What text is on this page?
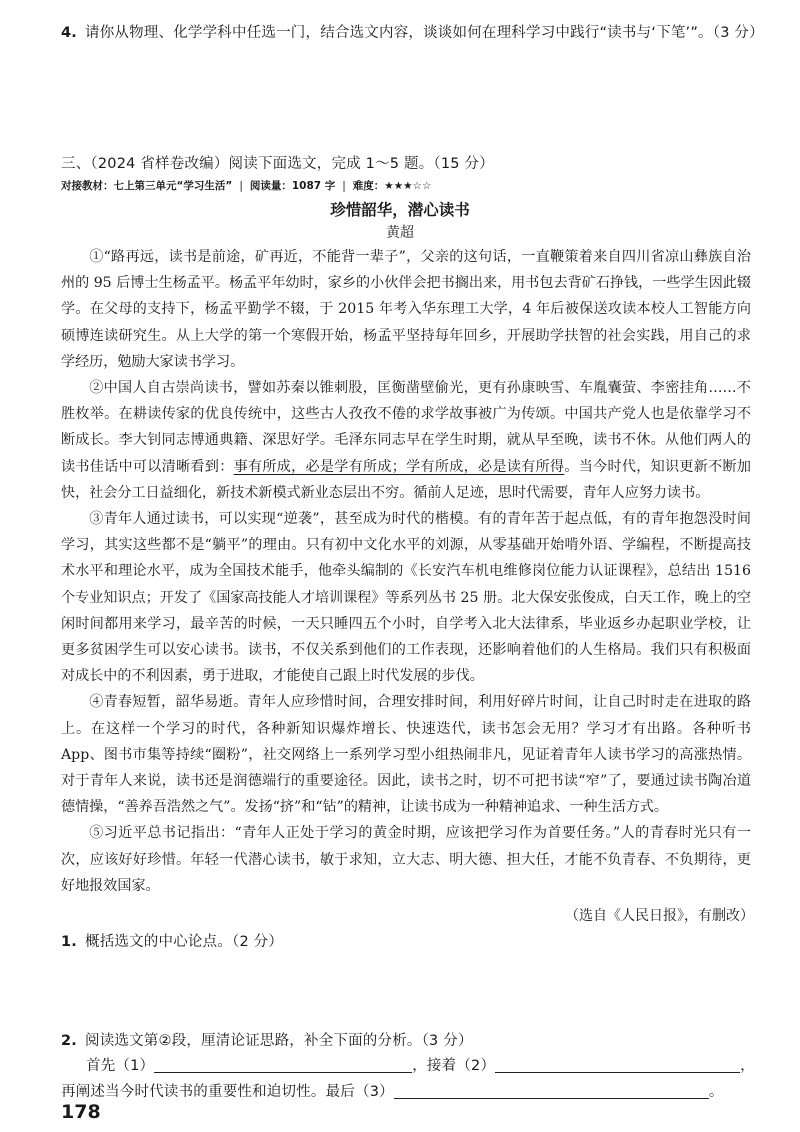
4. 请你从物理、化学学科中任选一门，结合选文内容，谈谈如何在理科学习中践行“读书与‘下笔’”。（3 分）
三、（2024 省样卷改编）阅读下面选文，完成 1～5 题。（15 分）
对接教材：七上第三单元“学习生活” | 阅读量：1087 字 | 难度：★★★☆☆
珍惜韶华，潜心读书
黄超

①“路再远，读书是前途，矿再近，不能背一辈子”，父亲的这句话，一直鞭策着来自四川省凉山彝族自治州的 95 后博士生杨孟平。杨孟平年幼时，家乡的小伙伴会把书搁出来，用书包去背矿石挣钱，一些学生因此辍学。在父母的支持下，杨孟平勤学不辍，于 2015 年考入华东理工大学，4 年后被保送攻读本校人工智能方向硕博连读研究生。从上大学的第一个寒假开始，杨孟平坚持每年回乡，开展助学扶智的社会实践，用自己的求学经历，勉励大家读书学习。

②中国人自古崇尚读书，譬如苏秦以锥刺股，匡衡凿壁偷光，更有孙康映雪、车胤囊萤、李密挂角……不胜枚举。在耕读传家的优良传统中，这些古人孜孜不倦的求学故事被广为传颂。中国共产党人也是依靠学习不断成长。李大钊同志博通典籍、深思好学。毛泽东同志早在学生时期，就从早至晚，读书不休。从他们两人的读书佳话中可以清晰看到：事有所成，必是学有所成；学有所成，必是读有所得。当今时代，知识更新不断加快，社会分工日益细化，新技术新模式新业态层出不穷。循前人足迹，思时代需要，青年人应努力读书。

③青年人通过读书，可以实现“逆袭”，甚至成为时代的楷模。有的青年苦于起点低，有的青年抱怨没时间学习，其实这些都不是“躺平”的理由。只有初中文化水平的刘源，从零基础开始啃外语、学编程，不断提高技术水平和理论水平，成为全国技术能手，他牵头编制的《长安汽车机电维修岗位能力认证课程》，总结出 1516 个专业知识点；开发了《国家高技能人才培训课程》等系列丛书 25 册。北大保安张俊成，白天工作，晚上的空闲时间都用来学习，最辛苦的时候，一天只睡四五个小时，自学考入北大法律系，毕业返乡办起职业学校，让更多贫困学生可以安心读书。读书，不仅关系到他们的工作表现，还影响着他们的人生格局。我们只有积极面对成长中的不利因素，勇于进取，才能使自己跟上时代发展的步伐。

④青春短暂，韶华易逝。青年人应珍惜时间，合理安排时间，利用好碎片时间，让自己时时走在进取的路上。在这样一个学习的时代，各种新知识爆炸增长、快速迭代，读书怎会无用？学习才有出路。各种听书 App、图书市集等持续“圈粉”，社交网络上一系列学习型小组热闹非凡，见证着青年人读书学习的高涨热情。对于青年人来说，读书还是润德端行的重要途径。因此，读书之时，切不可把书读“窄”了，要通过读书陶冶道德情操，“善养吾浩然之气”。发扬“挤”和“钻”的精神，让读书成为一种精神追求、一种生活方式。

⑤习近平总书记指出：“青年人正处于学习的黄金时期，应该把学习作为首要任务。”人的青春时光只有一次，应该好好珍惜。年轻一代潜心读书，敏于求知，立大志、明大德、担大任，才能不负青春、不负期待，更好地报效国家。

（选自《人民日报》，有删改）
1. 概括选文的中心论点。（2 分）
2. 阅读选文第②段，厘清论证思路，补全下面的分析。（3 分）
首先（1）	，接着（2）	，
再阐述当今时代读书的重要性和迫切性。最后（3）	。
178
